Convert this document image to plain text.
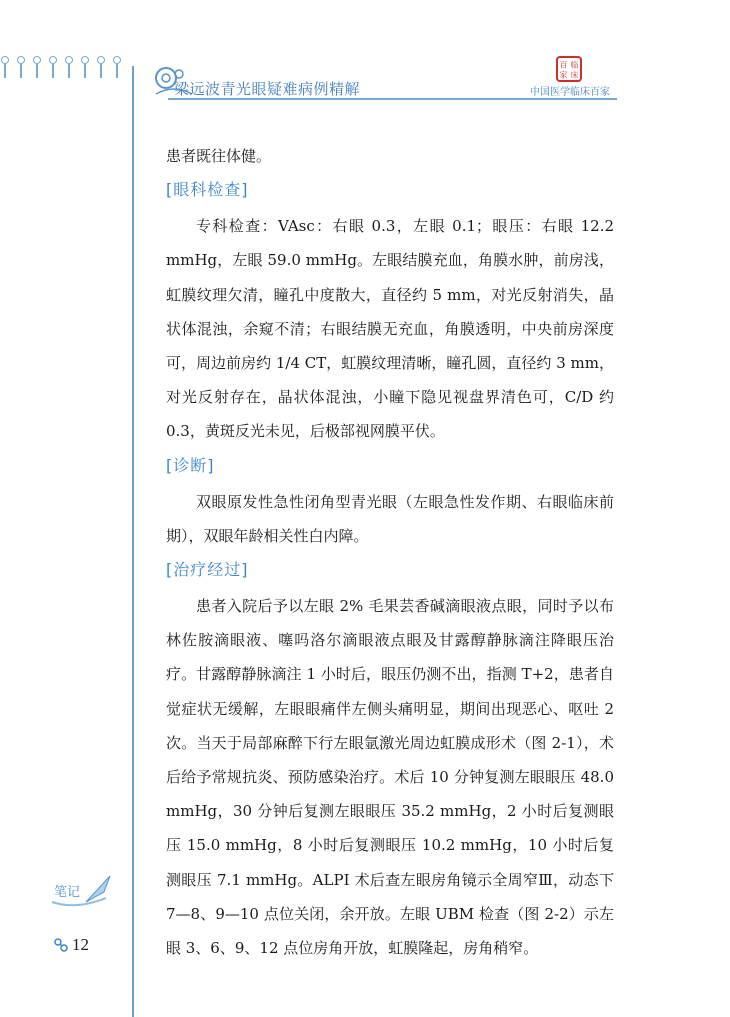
梁远波青光眼疑难病例精解
百 临
家 床
中国医学临床百家

患者既往体健。

[眼科检查]

专科检查：VAsc：右眼 0.3，左眼 0.1；眼压：右眼 12.2 mmHg，左眼 59.0 mmHg。左眼结膜充血，角膜水肿，前房浅，虹膜纹理欠清，瞳孔中度散大，直径约 5 mm，对光反射消失，晶状体混浊，余窥不清；右眼结膜无充血，角膜透明，中央前房深度可，周边前房约 1/4 CT，虹膜纹理清晰，瞳孔圆，直径约 3 mm，对光反射存在，晶状体混浊，小瞳下隐见视盘界清色可，C/D 约 0.3，黄斑反光未见，后极部视网膜平伏。

[诊断]

双眼原发性急性闭角型青光眼（左眼急性发作期、右眼临床前期），双眼年龄相关性白内障。

[治疗经过]

患者入院后予以左眼 2% 毛果芸香碱滴眼液点眼，同时予以布林佐胺滴眼液、噻吗洛尔滴眼液点眼及甘露醇静脉滴注降眼压治疗。甘露醇静脉滴注 1 小时后，眼压仍测不出，指测 T+2，患者自觉症状无缓解，左眼眼痛伴左侧头痛明显，期间出现恶心、呕吐 2 次。当天于局部麻醉下行左眼氩激光周边虹膜成形术（图 2-1），术后给予常规抗炎、预防感染治疗。术后 10 分钟复测左眼眼压 48.0 mmHg，30 分钟后复测左眼眼压 35.2 mmHg，2 小时后复测眼压 15.0 mmHg，8 小时后复测眼压 10.2 mmHg，10 小时后复测眼压 7.1 mmHg。ALPI 术后查左眼房角镜示全周窄Ⅲ，动态下 7—8、9—10 点位关闭，余开放。左眼 UBM 检查（图 2-2）示左眼 3、6、9、12 点位房角开放，虹膜隆起，房角稍窄。

笔记
12
